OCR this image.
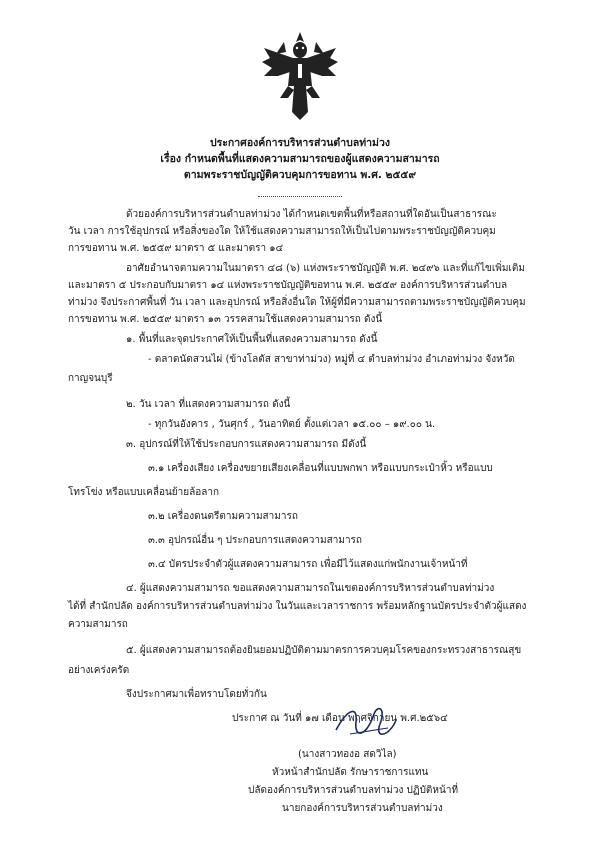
ประกาศองค์การบริหารส่วนตำบลท่าม่วง
เรื่อง กำหนดพื้นที่แสดงความสามารถของผู้แสดงความสามารถ
ตามพระราชบัญญัติควบคุมการขอทาน พ.ศ. ๒๕๕๙
ด้วยองค์การบริหารส่วนตำบลท่าม่วง ได้กำหนดเขตพื้นที่หรือสถานที่ใดอันเป็นสาธารณะ
วัน เวลา การใช้อุปกรณ์ หรือสิ่งของใด ให้ใช้แสดงความสามารถให้เป็นไปตามพระราชบัญญัติควบคุม
การขอทาน พ.ศ. ๒๕๕๙ มาตรา ๕ และมาตรา ๑๔
อาศัยอำนาจตามความในมาตรา ๔๘ (๖) แห่งพระราชบัญญัติ พ.ศ. ๒๔๙๖ และที่แก้ไขเพิ่มเติม
และมาตรา ๕ ประกอบกับมาตรา ๑๔ แห่งพระราชบัญญัติขอทาน พ.ศ. ๒๕๕๙ องค์การบริหารส่วนตำบล
ท่าม่วง จึงประกาศพื้นที่ วัน เวลา และอุปกรณ์ หรือสิ่งอื่นใด ให้ผู้ที่มีความสามารถตามพระราชบัญญัติควบคุม
การขอทาน พ.ศ. ๒๕๕๙ มาตรา ๑๓ วรรคสามใช้แสดงความสามารถ ดังนี้
๑. พื้นที่และจุดประกาศให้เป็นพื้นที่แสดงความสามารถ ดังนี้
- ตลาดนัดสวนไผ่ (ข้างโลตัส สาขาท่าม่วง) หมู่ที่ ๔ ตำบลท่าม่วง อำเภอท่าม่วง จังหวัด
กาญจนบุรี
๒. วัน เวลา ที่แสดงความสามารถ ดังนี้
- ทุกวันอังคาร , วันศุกร์ , วันอาทิตย์ ตั้งแต่เวลา ๑๕.๐๐ – ๑๙.๐๐ น.
๓. อุปกรณ์ที่ให้ใช้ประกอบการแสดงความสามารถ มีดังนี้
๓.๑ เครื่องเสียง เครื่องขยายเสียงเคลื่อนที่แบบพกพา หรือแบบกระเป๋าหิ้ว หรือแบบ
โทรโข่ง หรือแบบเคลื่อนย้ายล้อลาก
๓.๒ เครื่องดนตรีตามความสามารถ
๓.๓ อุปกรณ์อื่น ๆ ประกอบการแสดงความสามารถ
๓.๔ บัตรประจำตัวผู้แสดงความสามารถ เพื่อมีไว้แสดงแก่พนักงานเจ้าหน้าที่
๔. ผู้แสดงความสามารถ ขอแสดงความสามารถในเขตองค์การบริหารส่วนตำบลท่าม่วง
ได้ที่ สำนักปลัด องค์การบริหารส่วนตำบลท่าม่วง ในวันและเวลาราชการ พร้อมหลักฐานบัตรประจำตัวผู้แสดง
ความสามารถ
๕. ผู้แสดงความสามารถต้องยินยอมปฏิบัติตามมาตรการควบคุมโรคของกระทรวงสาธารณสุข
อย่างเคร่งครัด
จึงประกาศมาเพื่อทราบโดยทั่วกัน
ประกาศ ณ วันที่ ๑๗ เดือน พฤศจิกายน พ.ศ.๒๕๖๔
(นางสาวทองอ สดวิไล)
หัวหน้าสำนักปลัด รักษาราชการแทน
ปลัดองค์การบริหารส่วนตำบลท่าม่วง ปฏิบัติหน้าที่
นายกองค์การบริหารส่วนตำบลท่าม่วง
